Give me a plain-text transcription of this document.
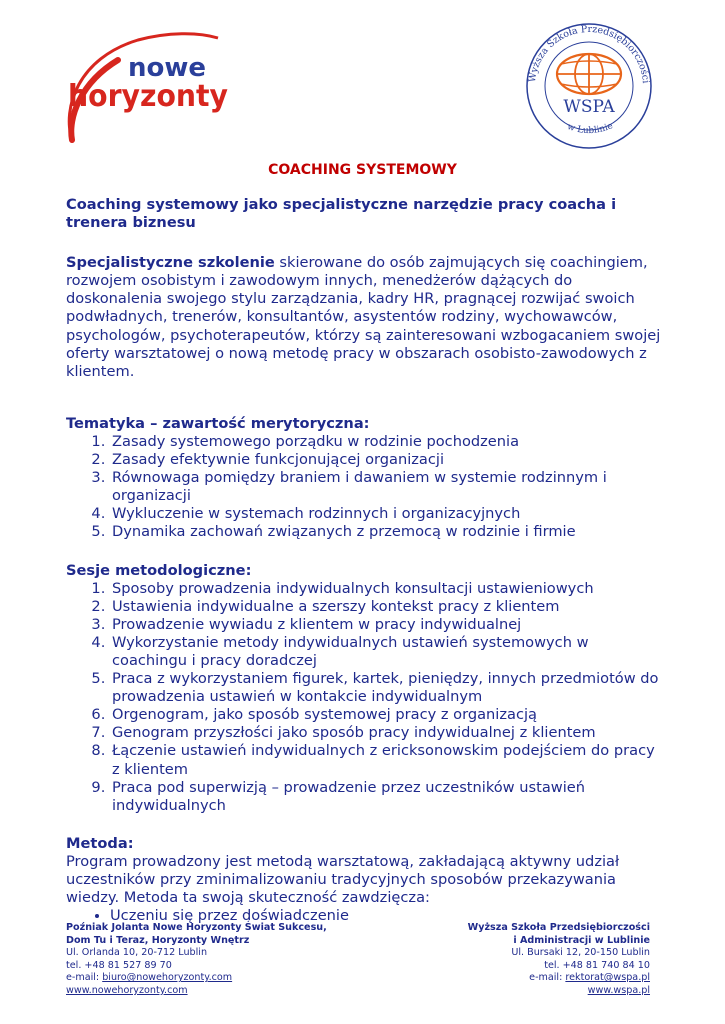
nowe
horyzonty
Wyższa Szkoła Przedsiębiorczości
w Lublinie
WSPA
COACHING SYSTEMOWY

Coaching systemowy jako specjalistyczne narzędzie pracy coacha i trenera biznesu

Specjalistyczne szkolenie skierowane do osób zajmujących się coachingiem, rozwojem osobistym i zawodowym innych, menedżerów dążących do doskonalenia swojego stylu zarządzania, kadry HR, pragnącej rozwijać swoich podwładnych, trenerów, konsultantów, asystentów rodziny, wychowawców, psychologów, psychoterapeutów, którzy są zainteresowani wzbogacaniem swojej oferty warsztatowej o nową metodę pracy w obszarach osobisto-zawodowych z klientem.

Tematyka – zawartość merytoryczna:

1. Zasady systemowego porządku w rodzinie pochodzenia
2. Zasady efektywnie funkcjonującej organizacji
3. Równowaga pomiędzy braniem i dawaniem w systemie rodzinnym i organizacji
4. Wykluczenie w systemach rodzinnych i organizacyjnych
5. Dynamika zachowań związanych z przemocą w rodzinie i firmie

Sesje metodologiczne:

1. Sposoby prowadzenia indywidualnych konsultacji ustawieniowych
2. Ustawienia indywidualne a szerszy kontekst pracy z klientem
3. Prowadzenie wywiadu z klientem w pracy indywidualnej
4. Wykorzystanie metody indywidualnych ustawień systemowych w coachingu i pracy doradczej
5. Praca z wykorzystaniem figurek, kartek, pieniędzy, innych przedmiotów do prowadzenia ustawień w kontakcie indywidualnym
6. Orgenogram, jako sposób systemowej pracy z organizacją
7. Genogram przyszłości jako sposób pracy indywidualnej z klientem
8. Łączenie ustawień indywidualnych z ericksonowskim podejściem do pracy z klientem
9. Praca pod superwizją – prowadzenie przez uczestników ustawień indywidualnych

Metoda:

Program prowadzony jest metodą warsztatową, zakładającą aktywny udział uczestników przy zminimalizowaniu tradycyjnych sposobów przekazywania wiedzy. Metoda ta swoją skuteczność zawdzięcza:

• Uczeniu się przez doświadczenie
Poźniak Jolanta Nowe Horyzonty Świat Sukcesu,
Dom Tu i Teraz, Horyzonty Wnętrz
Ul. Orlanda 10, 20-712 Lublin
tel. +48 81 527 89 70
e-mail: biuro@nowehoryzonty.com
www.nowehoryzonty.com
Wyższa Szkoła Przedsiębiorczości
i Administracji w Lublinie
Ul. Bursaki 12, 20-150 Lublin
tel. +48 81 740 84 10
e-mail: rektorat@wspa.pl
www.wspa.pl
